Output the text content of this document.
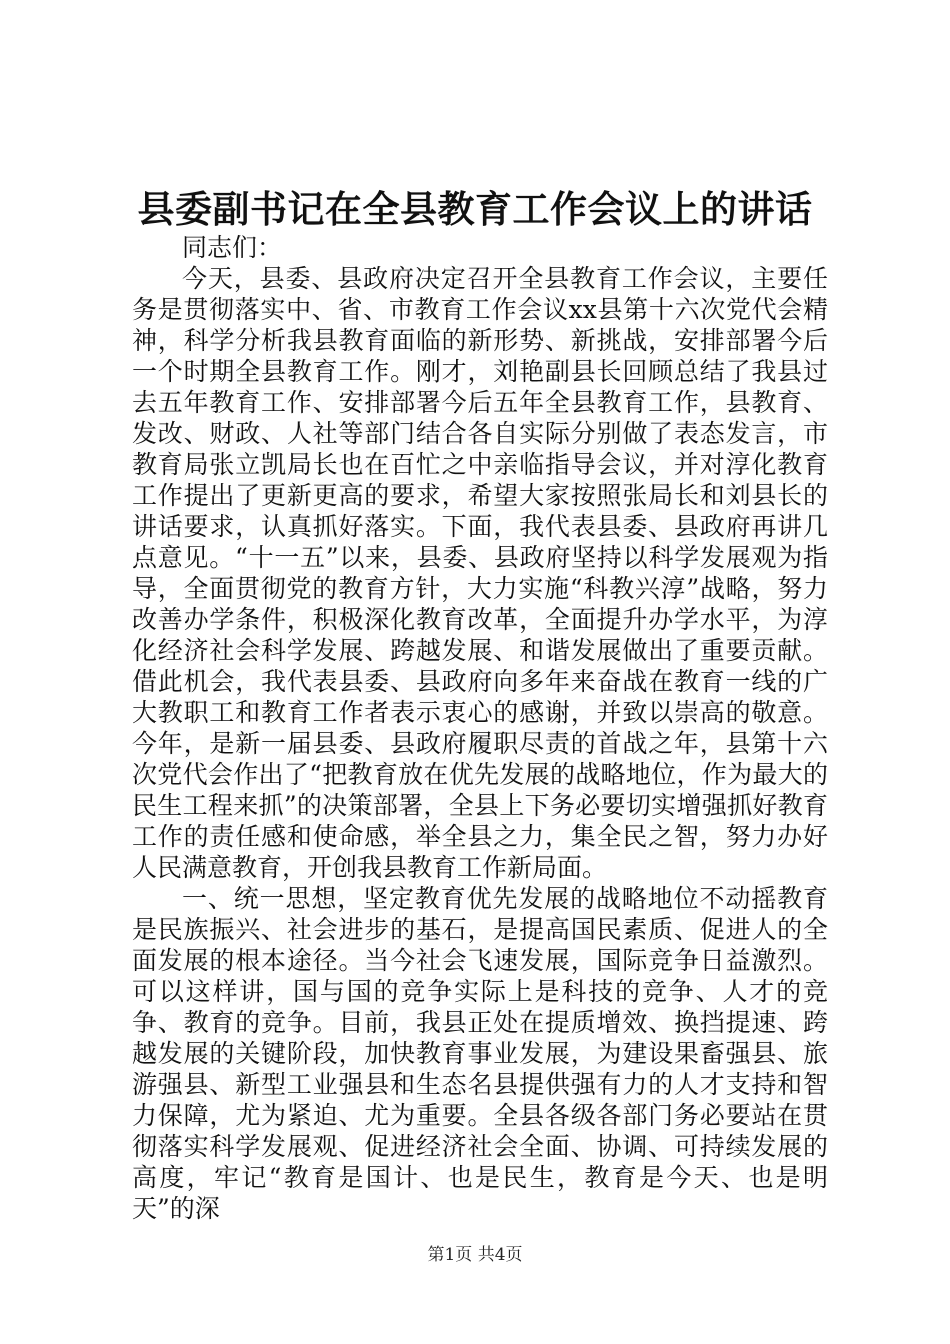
县委副书记在全县教育工作会议上的讲话

同志们：

今天，县委、县政府决定召开全县教育工作会议，主要任务是贯彻落实中、省、市教育工作会议xx县第十六次党代会精神，科学分析我县教育面临的新形势、新挑战，安排部署今后一个时期全县教育工作。刚才，刘艳副县长回顾总结了我县过去五年教育工作、安排部署今后五年全县教育工作，县教育、发改、财政、人社等部门结合各自实际分别做了表态发言，市教育局张立凯局长也在百忙之中亲临指导会议，并对淳化教育工作提出了更新更高的要求，希望大家按照张局长和刘县长的讲话要求，认真抓好落实。下面，我代表县委、县政府再讲几点意见。“十一五”以来，县委、县政府坚持以科学发展观为指导，全面贯彻党的教育方针，大力实施“科教兴淳”战略，努力改善办学条件，积极深化教育改革，全面提升办学水平，为淳化经济社会科学发展、跨越发展、和谐发展做出了重要贡献。借此机会，我代表县委、县政府向多年来奋战在教育一线的广大教职工和教育工作者表示衷心的感谢，并致以崇高的敬意。今年，是新一届县委、县政府履职尽责的首战之年，县第十六次党代会作出了“把教育放在优先发展的战略地位，作为最大的民生工程来抓”的决策部署，全县上下务必要切实增强抓好教育工作的责任感和使命感，举全县之力，集全民之智，努力办好人民满意教育，开创我县教育工作新局面。

一、统一思想，坚定教育优先发展的战略地位不动摇教育是民族振兴、社会进步的基石，是提高国民素质、促进人的全面发展的根本途径。当今社会飞速发展，国际竞争日益激烈。可以这样讲，国与国的竞争实际上是科技的竞争、人才的竞争、教育的竞争。目前，我县正处在提质增效、换挡提速、跨越发展的关键阶段，加快教育事业发展，为建设果畜强县、旅游强县、新型工业强县和生态名县提供强有力的人才支持和智力保障，尤为紧迫、尤为重要。全县各级各部门务必要站在贯彻落实科学发展观、促进经济社会全面、协调、可持续发展的高度，牢记“教育是国计、也是民生，教育是今天、也是明天”的深

第1页 共4页
